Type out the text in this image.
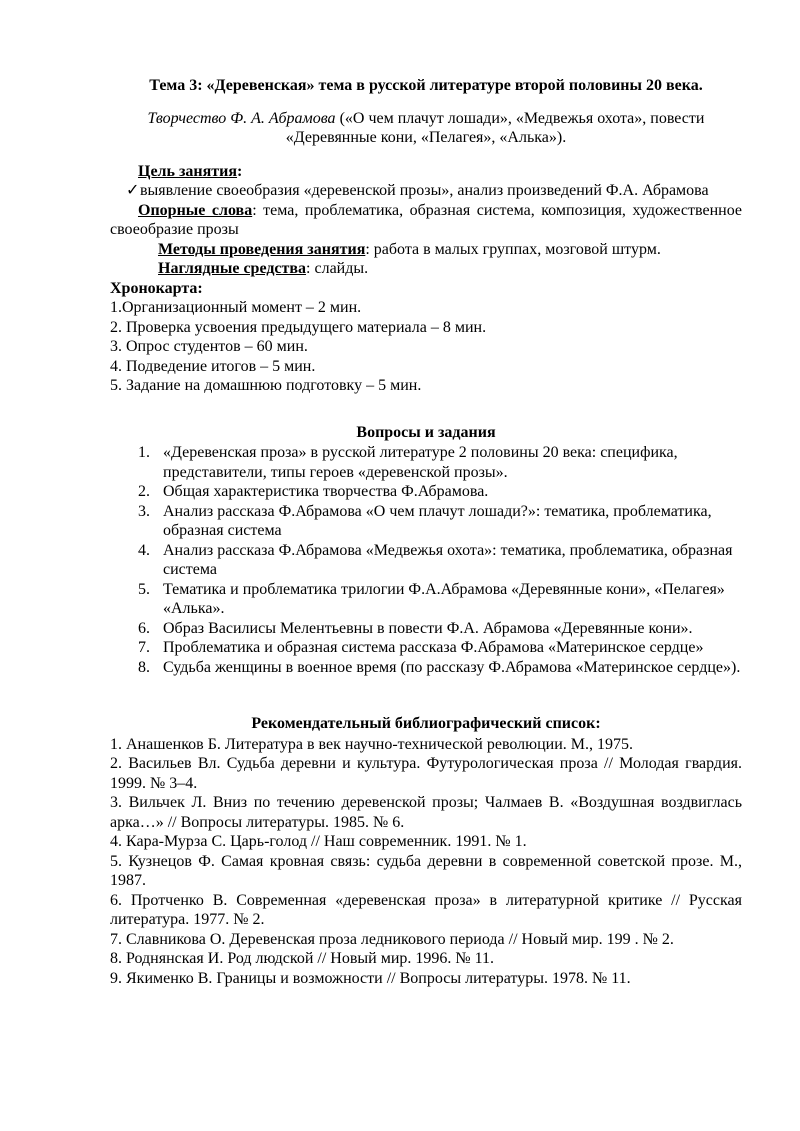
Тема 3: «Деревенская» тема в русской литературе второй половины 20 века.

Творчество Ф. А. Абрамова («О чем плачут лошади», «Медвежья охота», повести «Деревянные кони, «Пелагея», «Алька»).

Цель занятия:

✓ выявление своеобразия «деревенской прозы», анализ произведений Ф.А. Абрамова

Опорные слова: тема, проблематика, образная система, композиция, художественное своеобразие прозы

Методы проведения занятия: работа в малых группах, мозговой штурм.

Наглядные средства: слайды.

Хронокарта:

1.Организационный момент – 2 мин.

2. Проверка усвоения предыдущего материала – 8 мин.

3. Опрос студентов – 60 мин.

4. Подведение итогов – 5 мин.

5. Задание на домашнюю подготовку – 5 мин.

Вопросы и задания

1. «Деревенская проза» в русской литературе 2 половины 20 века: специфика, представители, типы героев «деревенской прозы».
2. Общая характеристика творчества Ф.Абрамова.
3. Анализ рассказа Ф.Абрамова «О чем плачут лошади?»: тематика, проблематика, образная система
4. Анализ рассказа Ф.Абрамова «Медвежья охота»: тематика, проблематика, образная система
5. Тематика и проблематика трилогии Ф.А.Абрамова «Деревянные кони», «Пелагея» «Алька».
6. Образ Василисы Мелентьевны в повести Ф.А. Абрамова «Деревянные кони».
7. Проблематика и образная система рассказа Ф.Абрамова «Материнское сердце»
8. Судьба женщины в военное время (по рассказу Ф.Абрамова «Материнское сердце»).

Рекомендательный библиографический список:

1. Анашенков Б. Литература в век научно-технической революции. М., 1975.

2. Васильев Вл. Судьба деревни и культура. Футурологическая проза // Молодая гвардия. 1999. № 3–4.

3. Вильчек Л. Вниз по течению деревенской прозы; Чалмаев В. «Воздушная воздвиглась арка…» // Вопросы литературы. 1985. № 6.

4. Кара-Мурза С. Царь-голод // Наш современник. 1991. № 1.

5. Кузнецов Ф. Самая кровная связь: судьба деревни в современной советской прозе. М., 1987.

6. Протченко В. Современная «деревенская проза» в литературной критике // Русская литература. 1977. № 2.

7. Славникова О. Деревенская проза ледникового периода // Новый мир. 199 . № 2.

8. Роднянская И. Род людской // Новый мир. 1996. № 11.

9. Якименко В. Границы и возможности // Вопросы литературы. 1978. № 11.
